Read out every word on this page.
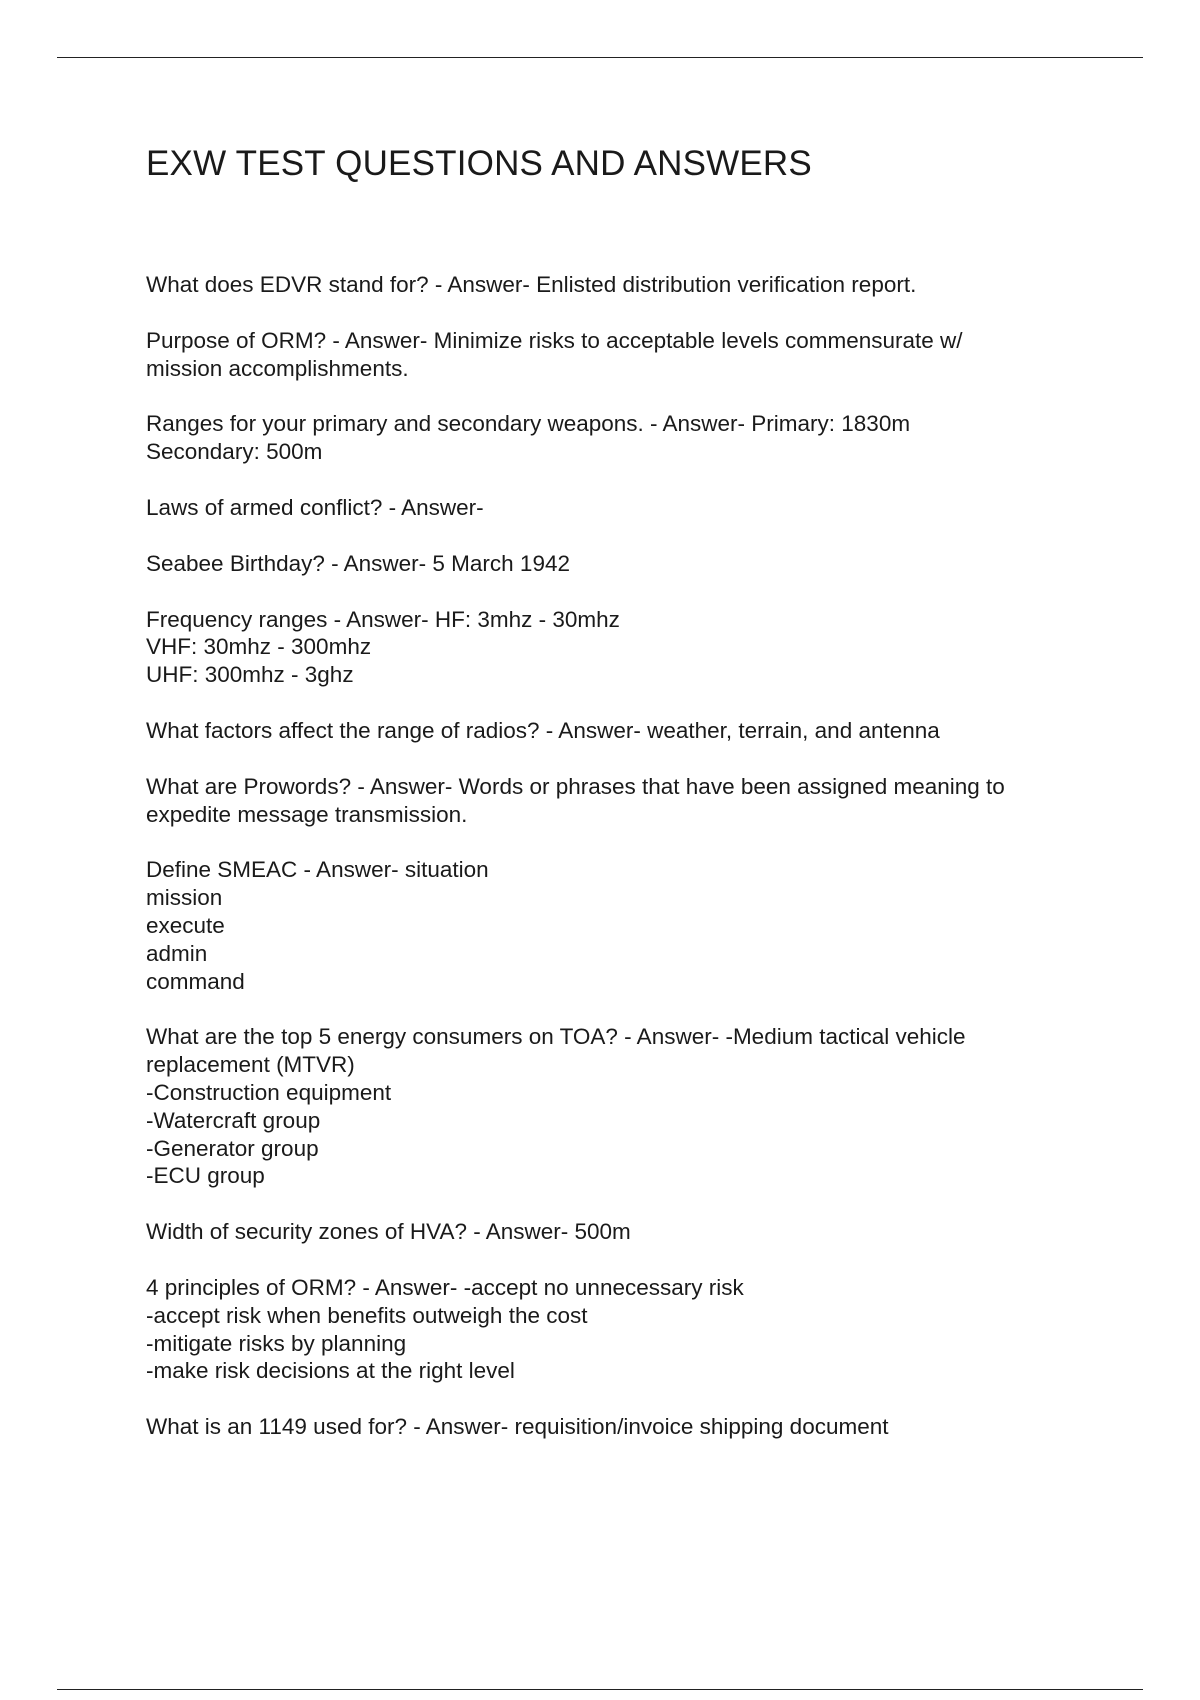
EXW TEST QUESTIONS AND ANSWERS

What does EDVR stand for? - Answer- Enlisted distribution verification report.

Purpose of ORM? - Answer- Minimize risks to acceptable levels commensurate w/
mission accomplishments.

Ranges for your primary and secondary weapons. - Answer- Primary: 1830m
Secondary: 500m

Laws of armed conflict? - Answer-

Seabee Birthday? - Answer- 5 March 1942

Frequency ranges - Answer- HF: 3mhz - 30mhz
VHF: 30mhz - 300mhz
UHF: 300mhz - 3ghz

What factors affect the range of radios? - Answer- weather, terrain, and antenna

What are Prowords? - Answer- Words or phrases that have been assigned meaning to
expedite message transmission.

Define SMEAC - Answer- situation
mission
execute
admin
command

What are the top 5 energy consumers on TOA? - Answer- -Medium tactical vehicle
replacement (MTVR)
-Construction equipment
-Watercraft group
-Generator group
-ECU group

Width of security zones of HVA? - Answer- 500m

4 principles of ORM? - Answer- -accept no unnecessary risk
-accept risk when benefits outweigh the cost
-mitigate risks by planning
-make risk decisions at the right level

What is an 1149 used for? - Answer- requisition/invoice shipping document
